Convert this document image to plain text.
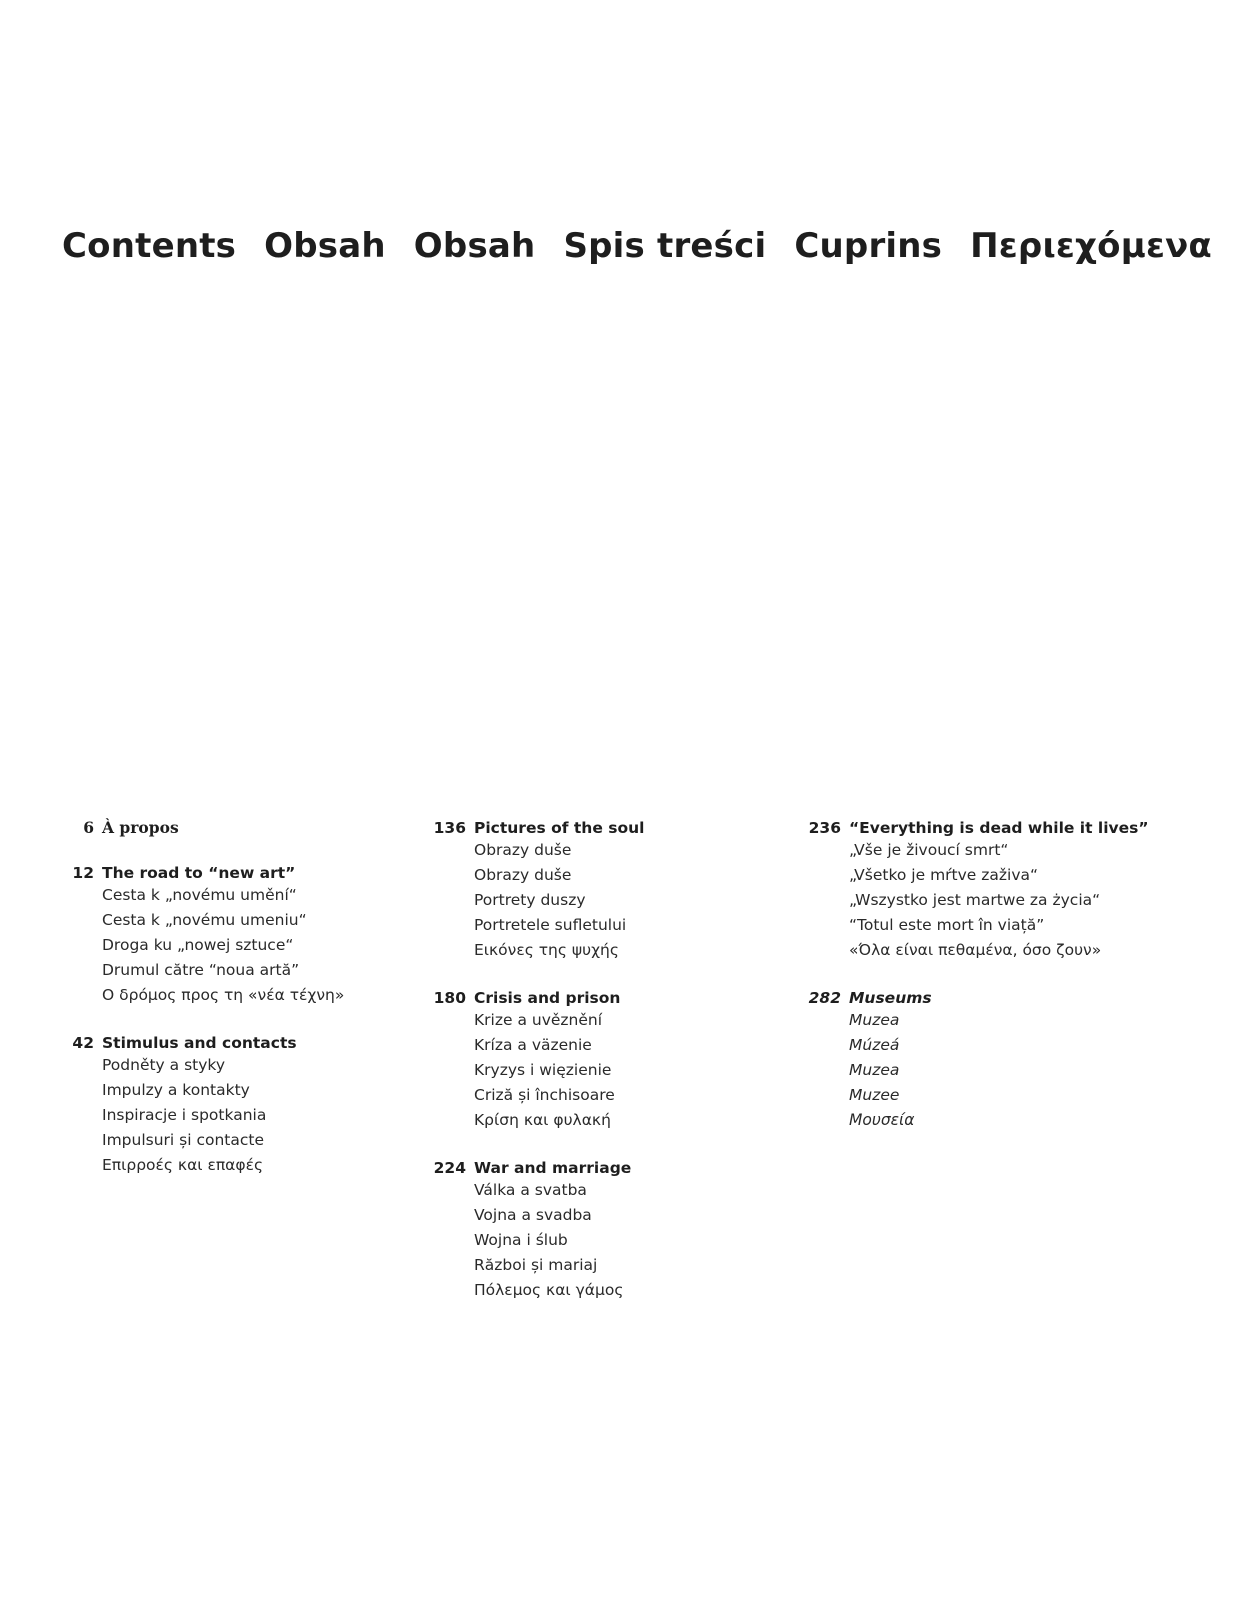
Contents Obsah Obsah Spis treści Cuprins Περιεχόμενα
6 À propos
12 The road to “new art”
Cesta k „novému umění“
Cesta k „novému umeniu“
Droga ku „nowej sztuce“
Drumul către “noua artă”
Ο δρόμος προς τη «νέα τέχνη»
42 Stimulus and contacts
Podněty a styky
Impulzy a kontakty
Inspiracje i spotkania
Impulsuri și contacte
Επιρροές και επαφές
136 Pictures of the soul
Obrazy duše
Obrazy duše
Portrety duszy
Portretele sufletului
Εικόνες της ψυχής
180 Crisis and prison
Krize a uvěznění
Kríza a väzenie
Kryzys i więzienie
Criză și închisoare
Κρίση και φυλακή
224 War and marriage
Válka a svatba
Vojna a svadba
Wojna i ślub
Război și mariaj
Πόλεμος και γάμος
236 “Everything is dead while it lives”
„Vše je živoucí smrt“
„Všetko je mŕtve zaživa“
„Wszystko jest martwe za życia“
“Totul este mort în viață”
«Όλα είναι πεθαμένα, όσο ζουν»
282 Museums
Muzea
Múzeá
Muzea
Muzee
Μουσεία
